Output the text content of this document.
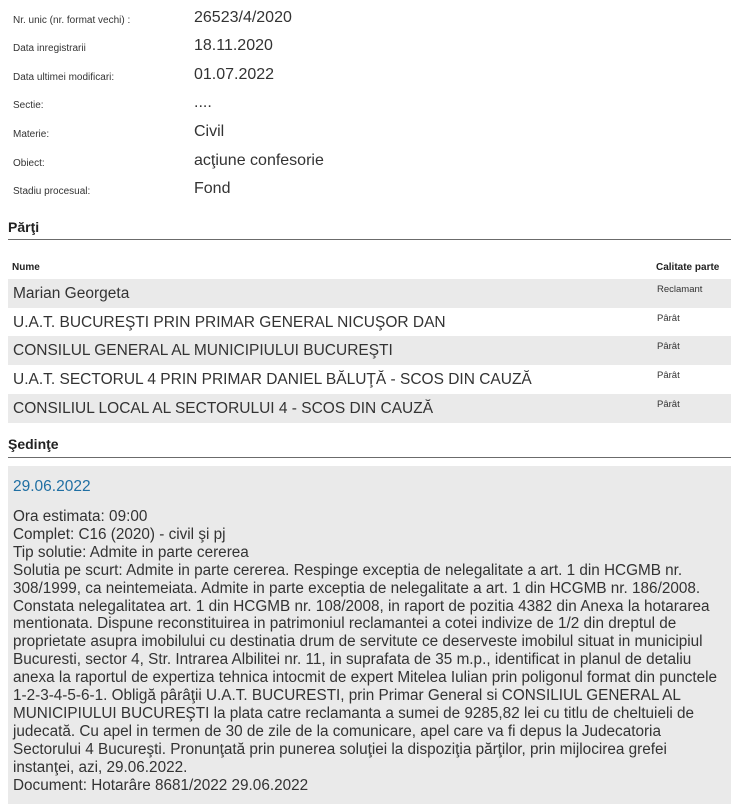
Nr. unic (nr. format vechi) :	26523/4/2020
Data inregistrarii	18.11.2020
Data ultimei modificari:	01.07.2022
Sectie:	....
Materie:	Civil
Obiect:	acţiune confesorie
Stadiu procesual:	Fond
Părţi
Nume	Calitate parte
Marian Georgeta	Reclamant
U.A.T. BUCUREŞTI PRIN PRIMAR GENERAL NICUŞOR DAN	Pârât
CONSILUL GENERAL AL MUNICIPIULUI BUCUREŞTI	Pârât
U.A.T. SECTORUL 4 PRIN PRIMAR DANIEL BĂLUŢĂ - SCOS DIN CAUZĂ	Pârât
CONSILIUL LOCAL AL SECTORULUI 4 - SCOS DIN CAUZĂ	Pârât
Şedinţe
29.06.2022
Ora estimata: 09:00
Complet: C16 (2020) - civil şi pj
Tip solutie: Admite in parte cererea
Solutia pe scurt: Admite in parte cererea. Respinge exceptia de nelegalitate a art. 1 din HCGMB nr. 308/1999, ca neintemeiata. Admite in parte exceptia de nelegalitate a art. 1 din HCGMB nr. 186/2008. Constata nelegalitatea art. 1 din HCGMB nr. 108/2008, in raport de pozitia 4382 din Anexa la hotararea mentionata. Dispune reconstituirea in patrimoniul reclamantei a cotei indivize de 1/2 din dreptul de proprietate asupra imobilului cu destinatia drum de servitute ce deserveste imobilul situat in municipiul Bucuresti, sector 4, Str. Intrarea Albilitei nr. 11, in suprafata de 35 m.p., identificat in planul de detaliu anexa la raportul de expertiza tehnica intocmit de expert Mitelea Iulian prin poligonul format din punctele 1-2-3-4-5-6-1. Obligă pârâţii U.A.T. BUCURESTI, prin Primar General si CONSILIUL GENERAL AL MUNICIPIULUI BUCUREŞTI la plata catre reclamanta a sumei de 9285,82 lei cu titlu de cheltuieli de judecată. Cu apel in termen de 30 de zile de la comunicare, apel care va fi depus la Judecatoria Sectorului 4 Bucureşti. Pronunţată prin punerea soluţiei la dispoziţia părţilor, prin mijlocirea grefei instanţei, azi, 29.06.2022.
Document: Hotarâre 8681/2022 29.06.2022
